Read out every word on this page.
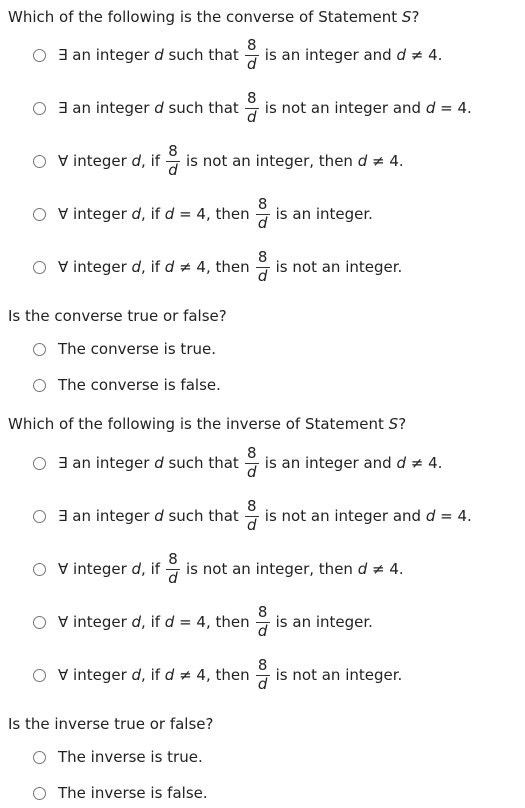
Which of the following is the converse of Statement S?
∃ an integer d such that $\frac{8}{d}$ is an integer and d ≠ 4.
∃ an integer d such that $\frac{8}{d}$ is not an integer and d = 4.
∀ integer d , if $\frac{8}{d}$ is not an integer, then d ≠ 4.
∀ integer d , if d = 4, then $\frac{8}{d}$ is an integer.
∀ integer d , if d ≠ 4, then $\frac{8}{d}$ is not an integer.
Is the converse true or false?
The converse is true.
The converse is false.
Which of the following is the inverse of Statement S?
∃ an integer d such that $\frac{8}{d}$ is an integer and d ≠ 4.
∃ an integer d such that $\frac{8}{d}$ is not an integer and d = 4.
∀ integer d , if $\frac{8}{d}$ is not an integer, then d ≠ 4.
∀ integer d , if d = 4, then $\frac{8}{d}$ is an integer.
∀ integer d , if d ≠ 4, then $\frac{8}{d}$ is not an integer.
Is the inverse true or false?
The inverse is true.
The inverse is false.
